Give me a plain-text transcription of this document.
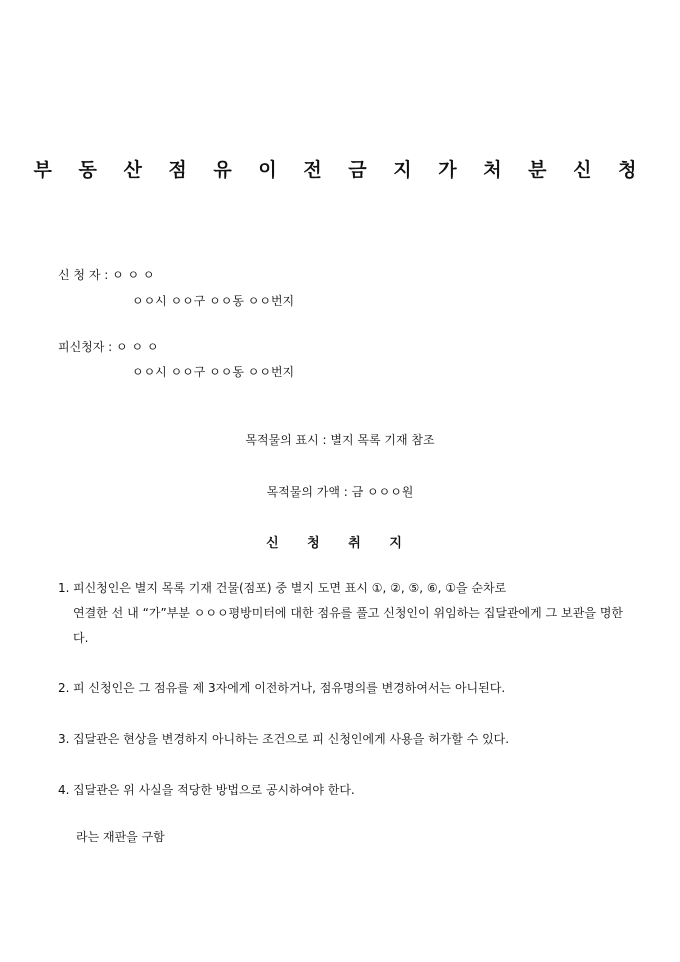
부 동 산 점 유 이 전 금 지 가 처 분 신 청
신 청 자 : ㅇ ㅇ ㅇ
ㅇㅇ시 ㅇㅇ구 ㅇㅇ동 ㅇㅇ번지
피신청자 : ㅇ ㅇ ㅇ
ㅇㅇ시 ㅇㅇ구 ㅇㅇ동 ㅇㅇ번지
목적물의 표시 : 별지 목록 기재 참조
목적물의 가액 : 금 ㅇㅇㅇ원
신 청 취 지
1. 피신청인은 별지 목록 기재 건물(점포) 중 별지 도면 표시 ①, ②, ⑤, ⑥, ①을 순차로
연결한 선 내 “가”부분 ㅇㅇㅇ평방미터에 대한 점유를 풀고 신청인이 위임하는 집달관에게 그 보관을 명한다.
2. 피 신청인은 그 점유를 제 3자에게 이전하거나, 점유명의를 변경하여서는 아니된다.
3. 집달관은 현상을 변경하지 아니하는 조건으로 피 신청인에게 사용을 허가할 수 있다.
4. 집달관은 위 사실을 적당한 방법으로 공시하여야 한다.
라는 재판을 구함
